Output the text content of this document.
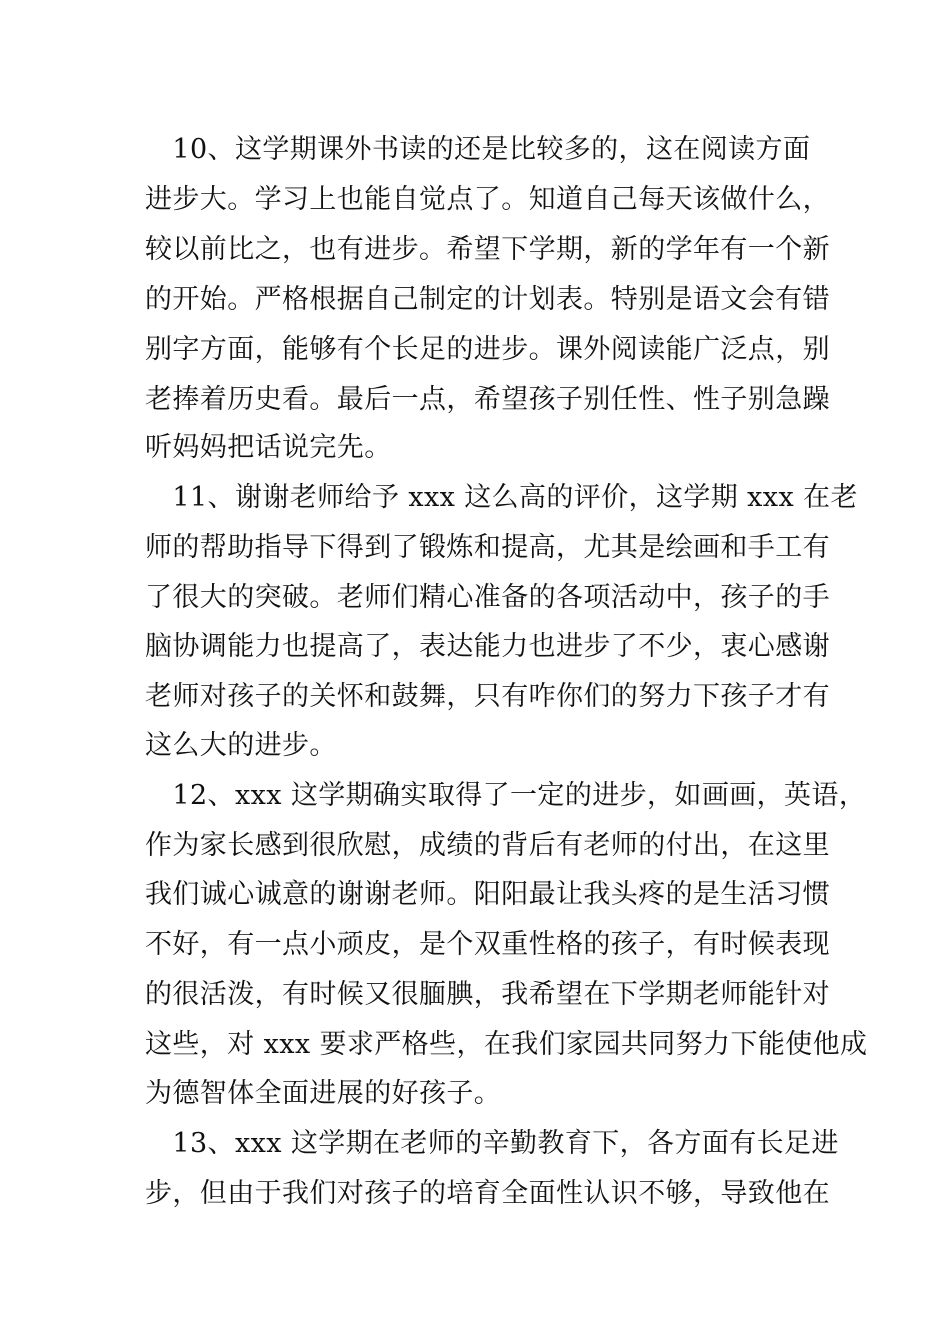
　10、这学期课外书读的还是比较多的，这在阅读方面
进步大。学习上也能自觉点了。知道自己每天该做什么，
较以前比之，也有进步。希望下学期，新的学年有一个新
的开始。严格根据自己制定的计划表。特别是语文会有错
别字方面，能够有个长足的进步。课外阅读能广泛点，别
老捧着历史看。最后一点，希望孩子别任性、性子别急躁
听妈妈把话说完先。
　11、谢谢老师给予 xxx 这么高的评价，这学期 xxx 在老
师的帮助指导下得到了锻炼和提高，尤其是绘画和手工有
了很大的突破。老师们精心准备的各项活动中，孩子的手
脑协调能力也提高了，表达能力也进步了不少，衷心感谢
老师对孩子的关怀和鼓舞，只有咋你们的努力下孩子才有
这么大的进步。
　12、xxx 这学期确实取得了一定的进步，如画画，英语，
作为家长感到很欣慰，成绩的背后有老师的付出，在这里
我们诚心诚意的谢谢老师。阳阳最让我头疼的是生活习惯
不好，有一点小顽皮，是个双重性格的孩子，有时候表现
的很活泼，有时候又很腼腆，我希望在下学期老师能针对
这些，对 xxx 要求严格些，在我们家园共同努力下能使他成
为德智体全面进展的好孩子。
　13、xxx 这学期在老师的辛勤教育下，各方面有长足进
步，但由于我们对孩子的培育全面性认识不够，导致他在
